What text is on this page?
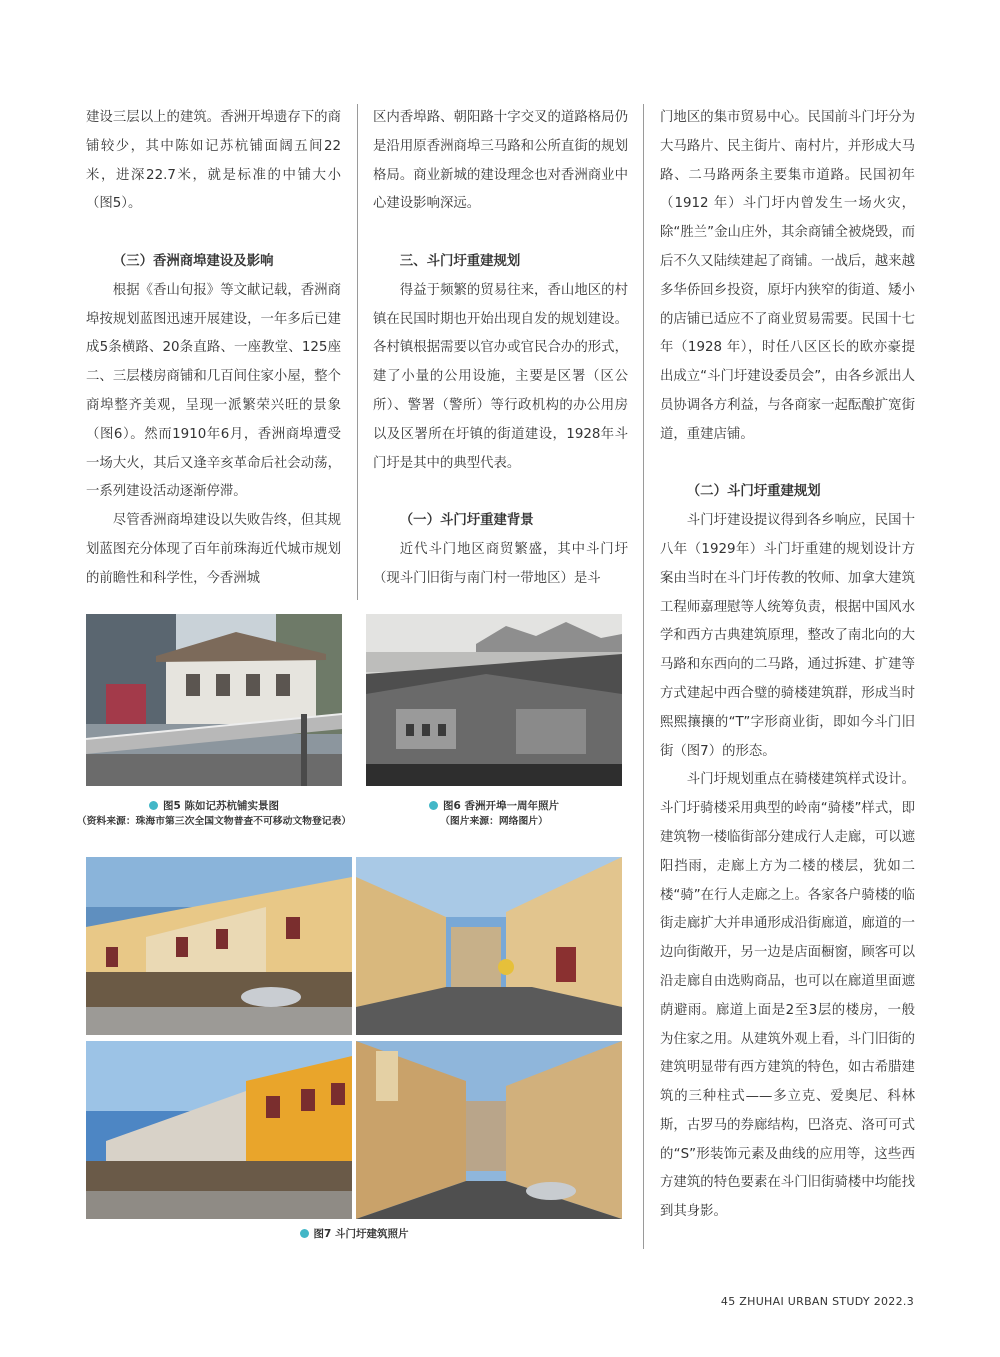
建设三层以上的建筑。香洲开埠遗存下的商铺较少，其中陈如记苏杭铺面阔五间22米，进深22.7米，就是标准的中铺大小（图5）。

（三）香洲商埠建设及影响

根据《香山旬报》等文献记载，香洲商埠按规划蓝图迅速开展建设，一年多后已建成5条横路、20条直路、一座教堂、125座二、三层楼房商铺和几百间住家小屋，整个商埠整齐美观，呈现一派繁荣兴旺的景象（图6）。然而1910年6月，香洲商埠遭受一场大火，其后又逢辛亥革命后社会动荡，一系列建设活动逐渐停滞。

尽管香洲商埠建设以失败告终，但其规划蓝图充分体现了百年前珠海近代城市规划的前瞻性和科学性，今香洲城

区内香埠路、朝阳路十字交叉的道路格局仍是沿用原香洲商埠三马路和公所直街的规划格局。商业新城的建设理念也对香洲商业中心建设影响深远。

三、斗门圩重建规划

得益于频繁的贸易往来，香山地区的村镇在民国时期也开始出现自发的规划建设。各村镇根据需要以官办或官民合办的形式，建了小量的公用设施，主要是区署（区公所）、警署（警所）等行政机构的办公用房以及区署所在圩镇的街道建设，1928年斗门圩是其中的典型代表。

（一）斗门圩重建背景

近代斗门地区商贸繁盛，其中斗门圩（现斗门旧街与南门村一带地区）是斗

门地区的集市贸易中心。民国前斗门圩分为大马路片、民主街片、南村片，并形成大马路、二马路两条主要集市道路。民国初年（1912 年）斗门圩内曾发生一场火灾，除“胜兰”金山庄外，其余商铺全被烧毁，而后不久又陆续建起了商铺。一战后，越来越多华侨回乡投资，原圩内狭窄的街道、矮小的店铺已适应不了商业贸易需要。民国十七年（1928 年），时任八区区长的欧亦豪提出成立“斗门圩建设委员会”，由各乡派出人员协调各方利益，与各商家一起酝酿扩宽街道，重建店铺。

（二）斗门圩重建规划

斗门圩建设提议得到各乡响应，民国十八年（1929年）斗门圩重建的规划设计方案由当时在斗门圩传教的牧师、加拿大建筑工程师嘉理慰等人统筹负责，根据中国风水学和西方古典建筑原理，整改了南北向的大马路和东西向的二马路，通过拆建、扩建等方式建起中西合璧的骑楼建筑群，形成当时熙熙攘攘的“T”字形商业街，即如今斗门旧街（图7）的形态。

斗门圩规划重点在骑楼建筑样式设计。斗门圩骑楼采用典型的岭南“骑楼”样式，即建筑物一楼临街部分建成行人走廊，可以遮阳挡雨，走廊上方为二楼的楼层，犹如二楼“骑”在行人走廊之上。各家各户骑楼的临街走廊扩大并串通形成沿街廊道，廊道的一边向街敞开，另一边是店面橱窗，顾客可以沿走廊自由选购商品，也可以在廊道里面遮荫避雨。廊道上面是2至3层的楼房，一般为住家之用。从建筑外观上看，斗门旧街的建筑明显带有西方建筑的特色，如古希腊建筑的三种柱式——多立克、爱奥尼、科林斯，古罗马的券廊结构，巴洛克、洛可可式的“S”形装饰元素及曲线的应用等，这些西方建筑的特色要素在斗门旧街骑楼中均能找到其身影。

图5 陈如记苏杭铺实景图
（资料来源：珠海市第三次全国文物普查不可移动文物登记表）
图6 香洲开埠一周年照片
（图片来源：网络图片）
图7 斗门圩建筑照片
45 ZHUHAI URBAN STUDY 2022.3
